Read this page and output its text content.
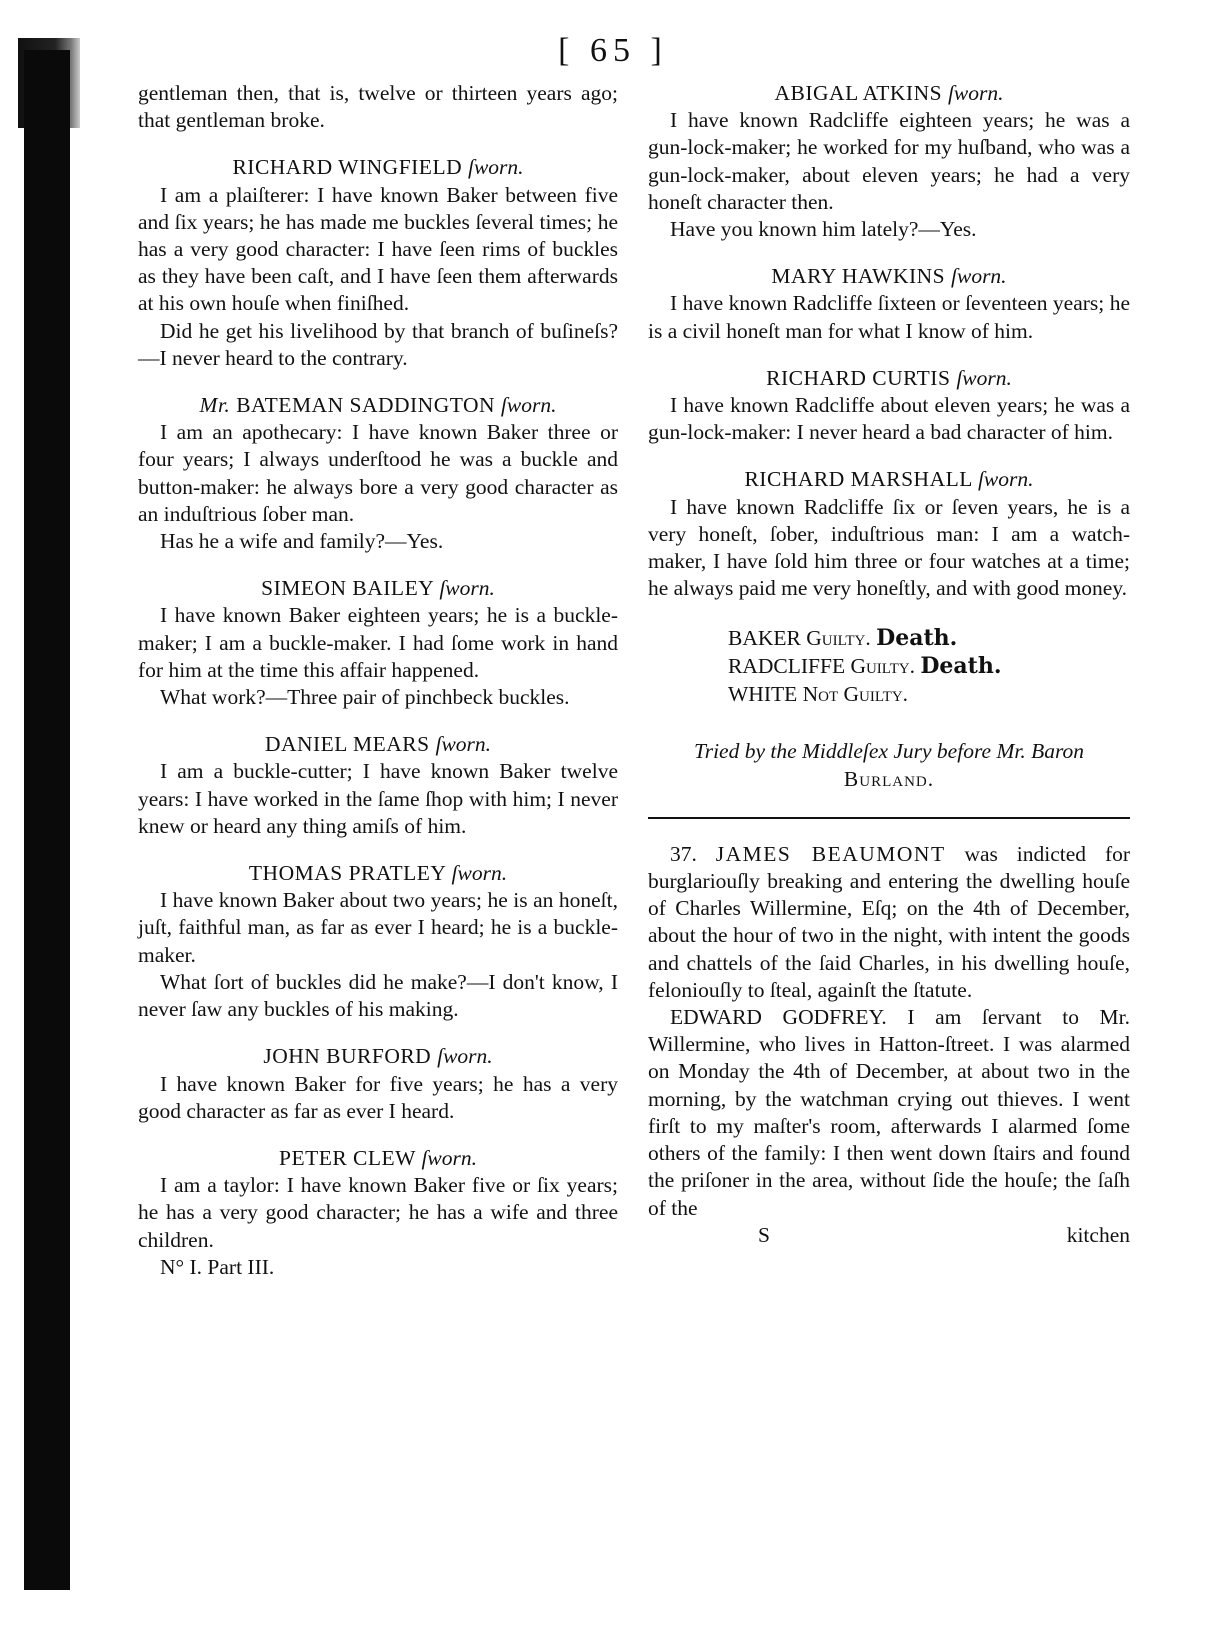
[ 65 ]

gentleman then, that is, twelve or thirteen years ago; that gentleman broke.

RICHARD WINGFIELD ſworn.

I am a plaiſterer: I have known Baker between five and ſix years; he has made me buckles ſeveral times; he has a very good character: I have ſeen rims of buckles as they have been caſt, and I have ſeen them afterwards at his own houſe when finiſhed.

Did he get his livelihood by that branch of buſineſs?—I never heard to the contrary.

Mr. BATEMAN SADDINGTON ſworn.

I am an apothecary: I have known Baker three or four years; I always underſtood he was a buckle and button-maker: he always bore a very good character as an induſtrious ſober man.

Has he a wife and family?—Yes.

SIMEON BAILEY ſworn.

I have known Baker eighteen years; he is a buckle-maker; I am a buckle-maker. I had ſome work in hand for him at the time this affair happened.

What work?—Three pair of pinchbeck buckles.

DANIEL MEARS ſworn.

I am a buckle-cutter; I have known Baker twelve years: I have worked in the ſame ſhop with him; I never knew or heard any thing amiſs of him.

THOMAS PRATLEY ſworn.

I have known Baker about two years; he is an honeſt, juſt, faithful man, as far as ever I heard; he is a buckle-maker.

What ſort of buckles did he make?—I don't know, I never ſaw any buckles of his making.

JOHN BURFORD ſworn.

I have known Baker for five years; he has a very good character as far as ever I heard.

PETER CLEW ſworn.

I am a taylor: I have known Baker five or ſix years; he has a very good character; he has a wife and three children.

N° I. Part III.

ABIGAL ATKINS ſworn.

I have known Radcliffe eighteen years; he was a gun-lock-maker; he worked for my huſband, who was a gun-lock-maker, about eleven years; he had a very honeſt character then.

Have you known him lately?—Yes.

MARY HAWKINS ſworn.

I have known Radcliffe ſixteen or ſeventeen years; he is a civil honeſt man for what I know of him.

RICHARD CURTIS ſworn.

I have known Radcliffe about eleven years; he was a gun-lock-maker: I never heard a bad character of him.

RICHARD MARSHALL ſworn.

I have known Radcliffe ſix or ſeven years, he is a very honeſt, ſober, induſtrious man: I am a watch-maker, I have ſold him three or four watches at a time; he always paid me very honeſtly, and with good money.

BAKER Guilty. Death.
RADCLIFFE Guilty. Death.
WHITE Not Guilty.
Tried by the Middleſex Jury before Mr. Baron
Burland.

37. JAMES BEAUMONT was indicted for burglariouſly breaking and entering the dwelling houſe of Charles Willermine, Eſq; on the 4th of December, about the hour of two in the night, with intent the goods and chattels of the ſaid Charles, in his dwelling houſe, feloniouſly to ſteal, againſt the ſtatute.

EDWARD GODFREY. I am ſervant to Mr. Willermine, who lives in Hatton-ſtreet. I was alarmed on Monday the 4th of December, at about two in the morning, by the watchman crying out thieves. I went firſt to my maſter's room, afterwards I alarmed ſome others of the family: I then went down ſtairs and found the priſoner in the area, without ſide the houſe; the ſaſh of the

S	kitchen
